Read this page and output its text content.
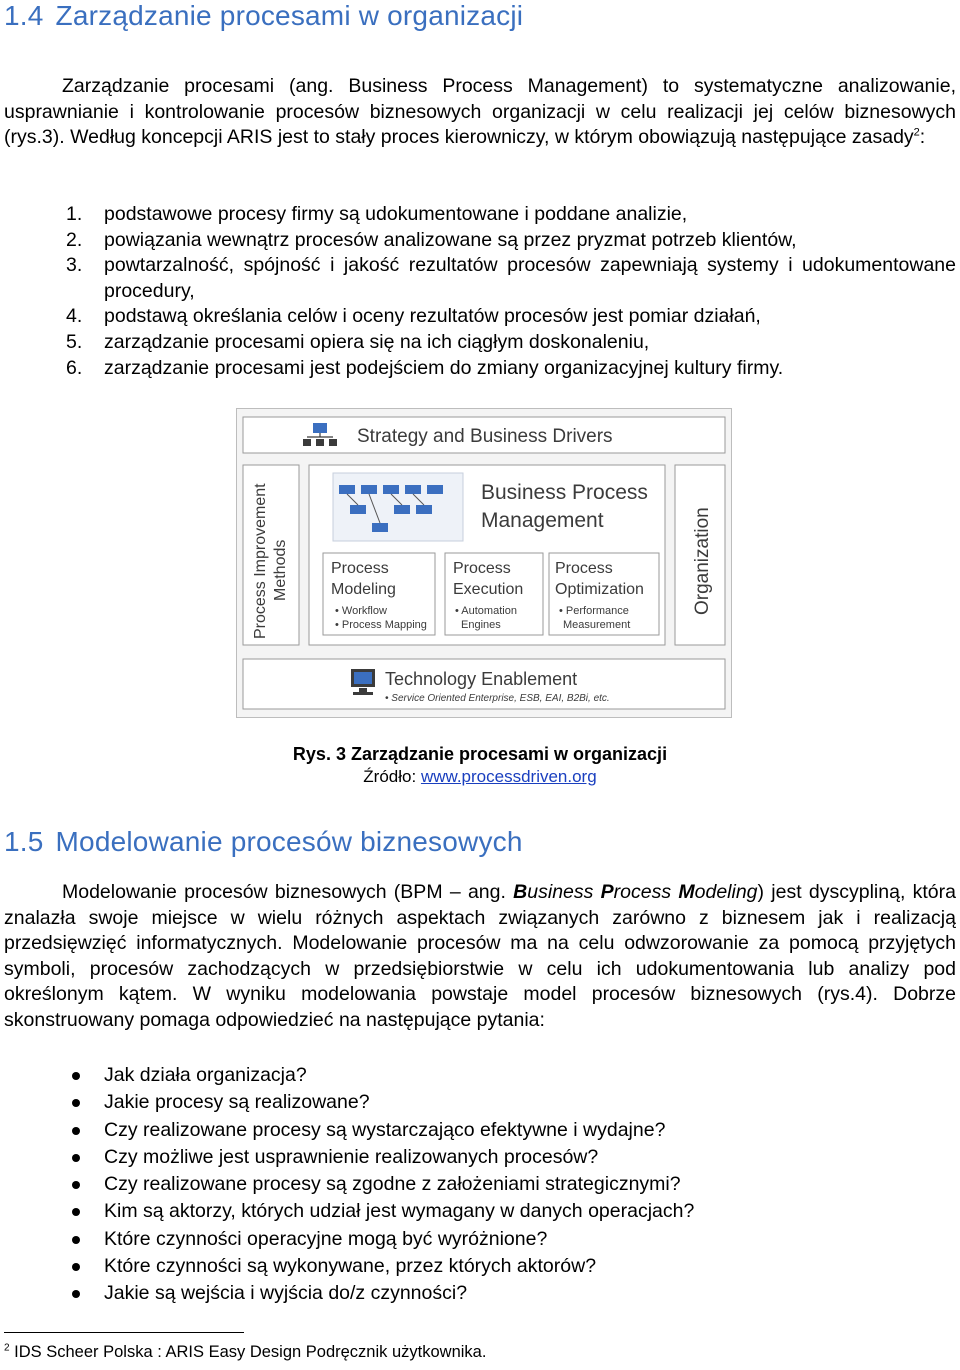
1.4 Zarządzanie procesami w organizacji

Zarządzanie procesami (ang. Business Process Management) to systematyczne analizowanie, usprawnianie i kontrolowanie procesów biznesowych organizacji w celu realizacji jej celów biznesowych (rys.3). Według koncepcji ARIS jest to stały proces kierowniczy, w którym obowiązują następujące zasady$^2$:

1. podstawowe procesy firmy są udokumentowane i poddane analizie,
2. powiązania wewnątrz procesów analizowane są przez pryzmat potrzeb klientów,
3. powtarzalność, spójność i jakość rezultatów procesów zapewniają systemy i udokumentowane procedury,
4. podstawą określania celów i oceny rezultatów procesów jest pomiar działań,
5. zarządzanie procesami opiera się na ich ciągłym doskonaleniu,
6. zarządzanie procesami jest podejściem do zmiany organizacyjnej kultury firmy.
Strategy and Business Drivers
Process Improvement Methods
Business Process
Management
Process
Modeling
• Workflow
• Process Mapping
Process
Execution
• Automation
Engines
Process
Optimization
• Performance
Measurement
Organization
Technology Enablement
• Service Oriented Enterprise, ESB, EAI, B2Bi, etc.
Rys. 3 Zarządzanie procesami w organizacji
Źródło: www.processdriven.org
1.5 Modelowanie procesów biznesowych

Modelowanie procesów biznesowych (BPM – ang. Business Process Modeling) jest dyscypliną, która znalazła swoje miejsce w wielu różnych aspektach związanych zarówno z biznesem jak i realizacją przedsięwzięć informatycznych. Modelowanie procesów ma na celu odwzorowanie za pomocą przyjętych symboli, procesów zachodzących w przedsiębiorstwie w celu ich udokumentowania lub analizy pod określonym kątem. W wyniku modelowania powstaje model procesów biznesowych (rys.4). Dobrze skonstruowany pomaga odpowiedzieć na następujące pytania:

Jak działa organizacja?
Jakie procesy są realizowane?
Czy realizowane procesy są wystarczająco efektywne i wydajne?
Czy możliwe jest usprawnienie realizowanych procesów?
Czy realizowane procesy są zgodne z założeniami strategicznymi?
Kim są aktorzy, których udział jest wymagany w danych operacjach?
Które czynności operacyjne mogą być wyróżnione?
Które czynności są wykonywane, przez których aktorów?
Jakie są wejścia i wyjścia do/z czynności?
$^2$ IDS Scheer Polska : ARIS Easy Design Podręcznik użytkownika.
